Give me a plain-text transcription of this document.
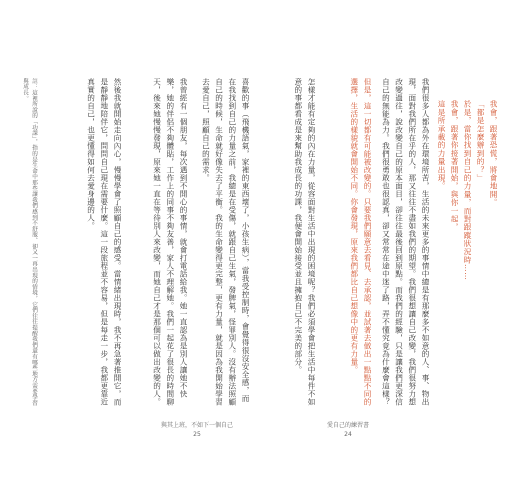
註：這裡所說的「功課」，指的是生命中那些讓我們感到不舒服、卻又一再出現的情境，它們往往提醒我們還有哪些地方需要學習與成長。	然後我就開始走向內心，慢慢學會了照顧自己的感受。當情緒出現時，我不再急著推開它，而是靜靜地陪伴它，問問自己現在需要什麼。這一段旅程並不容易，但是每走一步，我都更靠近真實的自己，也更懂得如何去愛身邊的人。	我曾經有一個朋友，每次遇到不開心的事情，就會打電話給我。她一直認為是別人讓她不快樂，她的伴侶不夠體貼，工作上的同事不夠友善，家人不理解她。我們一起花了很長的時間聊天，後來她慢慢發現，原來她一直在等待別人來改變，而她自己才是那個可以做出改變的人。	喜歡的事（飛機語氣，家裡的東西壞了，小孩生病），當我受控制時，會覺得很沒安全感，而在我找到自己的力量之前，我總是在受傷，就跟自己生氣，發脾氣，怪罪別人。沒有辦法照顧自己的時候，生命就好像失去了平衡。我的生命變得更完整，更有力量，就是因為我開始學習去愛自己，照顧自己的需求。	怎樣才能有定夠的內在力量，從容面對生活中出現的困境呢？我們必須學會把生活中每件不如意的事都看成是來幫助我成長的功課，我便會開始接受並且擁抱自己不完美的部分。	但是，這一切都有可能被改變的。只要我們願意去看見、去承認，並試著去做出一點點不同的選擇，生活的樣貌就會開始不同。你會發現，原來我們都比自己想像中的更有力量。	我們很多人都為外在環境所苦，生活的未來更多的事情中總是有那麼多不如意的人、事、物出現，面對我們所在乎的人，那又往往不盡如我們的期望。我們很想讓自己改變，我們很努力想改變過往，說改變自己的原本面目，卻往往最後回到原點。而我們的經驗，只是讓我們更深信自己的無能為力。我們很勇敢也很認真，卻又常常在途中迷了路，弄不懂究竟為什麼會這樣？	這是所承載的力量出現。 我會，跟著你接著開始，與你一起， 於是，當你找到自己的力量，而對跟蹤狀況時…… 「都是怎麼辦到的？」 我會，跟著恐慌，將會地開。
與其上班，不如下一個自己
25
愛自己的練習書
24
